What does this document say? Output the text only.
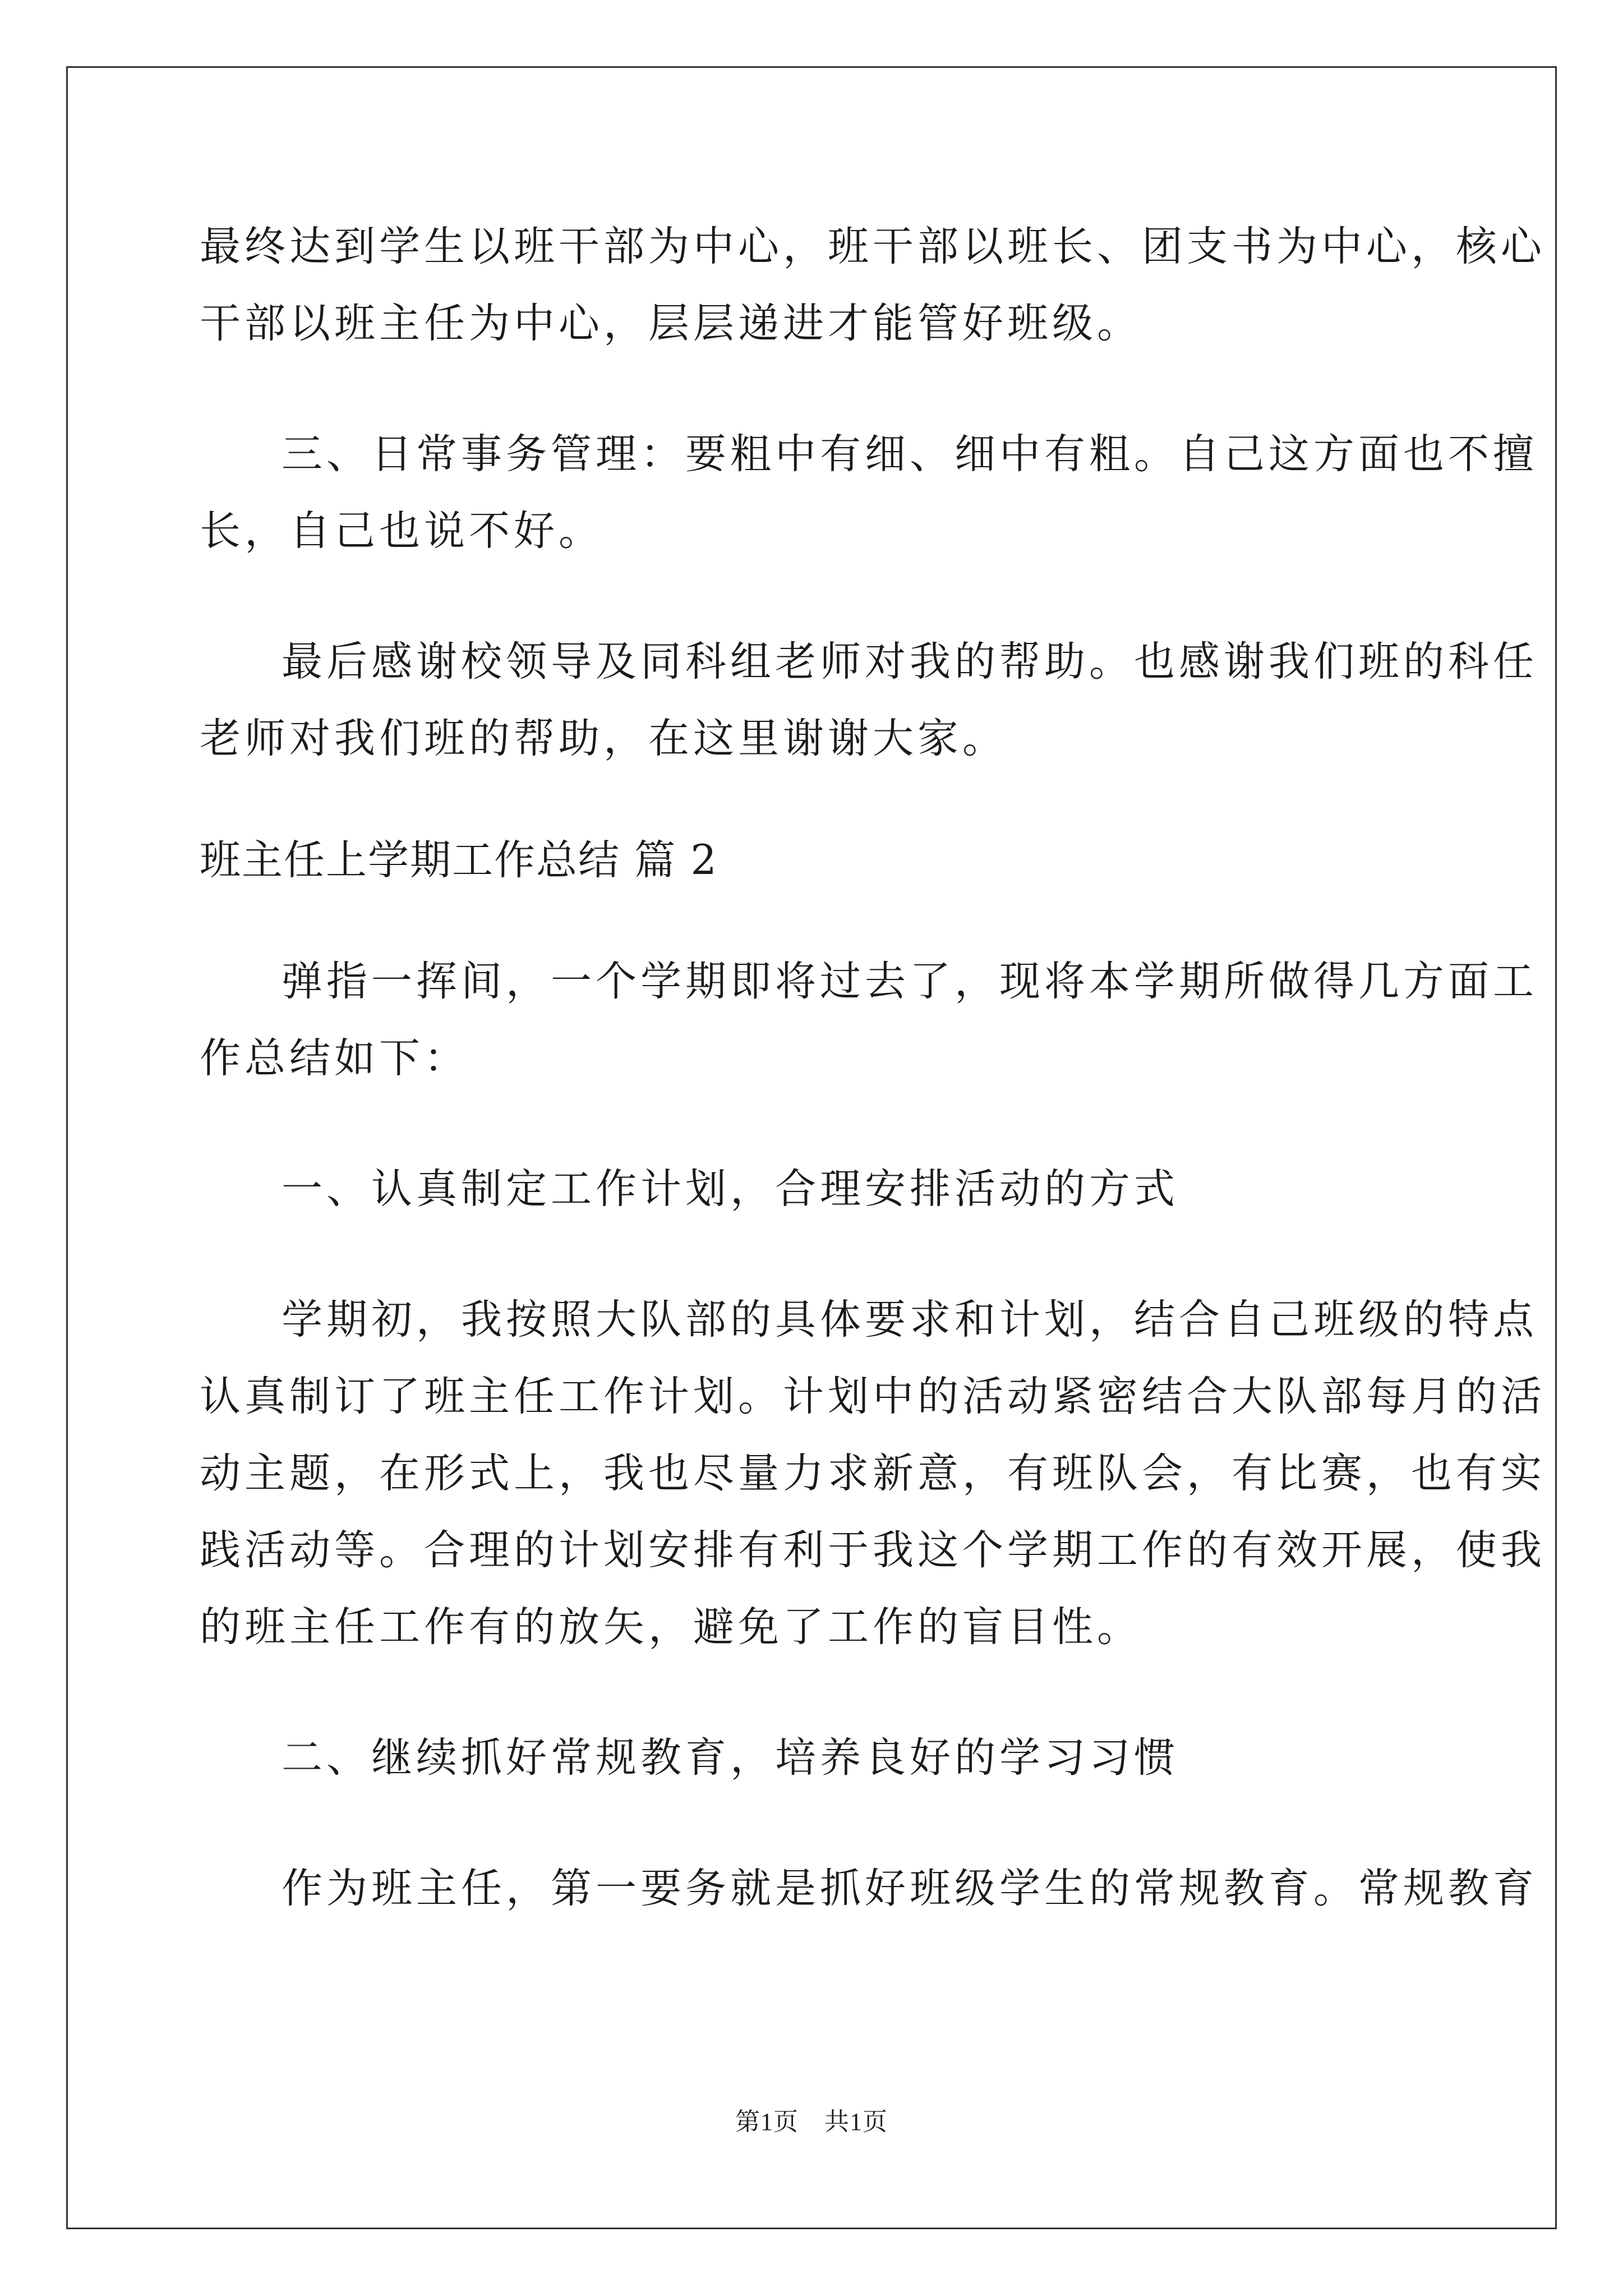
最终达到学生以班干部为中心，班干部以班长、团支书为中心，核心
干部以班主任为中心，层层递进才能管好班级。
三、日常事务管理：要粗中有细、细中有粗。自己这方面也不擅
长，自己也说不好。
最后感谢校领导及同科组老师对我的帮助。也感谢我们班的科任
老师对我们班的帮助，在这里谢谢大家。
班主任上学期工作总结 篇 2
弹指一挥间，一个学期即将过去了，现将本学期所做得几方面工
作总结如下：
一、认真制定工作计划，合理安排活动的方式
学期初，我按照大队部的具体要求和计划，结合自己班级的特点
认真制订了班主任工作计划。计划中的活动紧密结合大队部每月的活
动主题，在形式上，我也尽量力求新意，有班队会，有比赛，也有实
践活动等。合理的计划安排有利于我这个学期工作的有效开展，使我
的班主任工作有的放矢，避免了工作的盲目性。
二、继续抓好常规教育，培养良好的学习习惯
作为班主任，第一要务就是抓好班级学生的常规教育。常规教育
第1页 共1页
